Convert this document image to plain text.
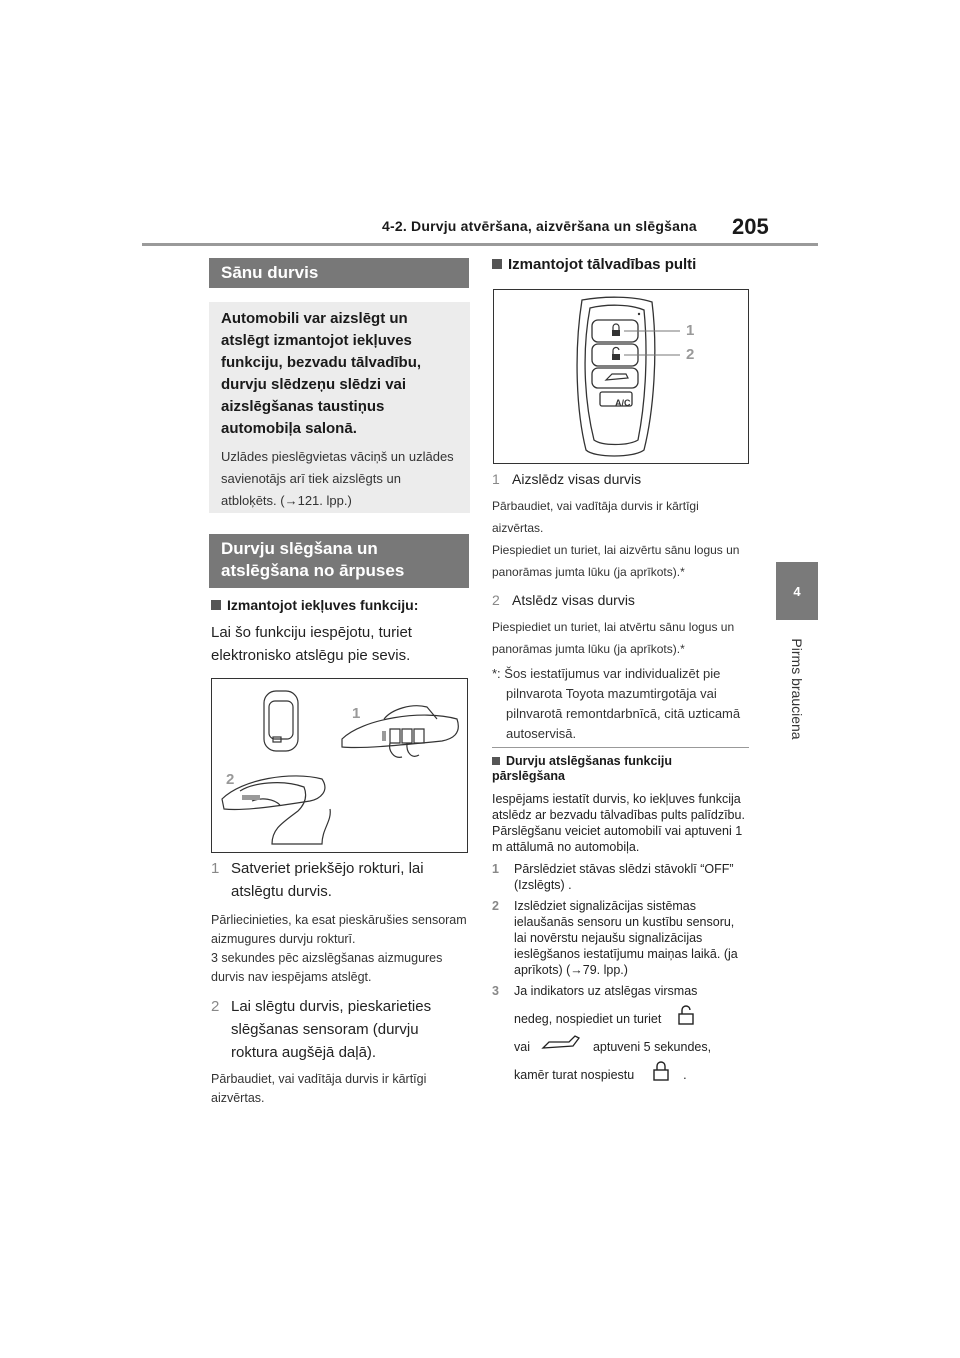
4-2. Durvju atvēršana, aizvēršana un slēgšana 205
4
Pirms brauciena
Sānu durvis

Automobili var aizslēgt un atslēgt izmantojot iekļuves funkciju, bezvadu tālvadību, durvju slēdzeņu slēdzi vai aizslēgšanas taustiņus automobiļa salonā.

Uzlādes pieslēgvietas vāciņš un uzlādes savienotājs arī tiek aizslēgts un atbloķēts. (→121. lpp.)

Durvju slēgšana un atslēgšana no ārpuses
Izmantojot iekļuves funkciju:
Lai šo funkciju iespējotu, turiet elektronisko atslēgu pie sevis.
1
2
1 Satveriet priekšējo rokturi, lai atslēgtu durvis.
Pārliecinieties, ka esat pieskārušies sensoram aizmugures durvju rokturī.
3 sekundes pēc aizslēgšanas aizmugures durvis nav iespējams atslēgt.
2 Lai slēgtu durvis, pieskarieties slēgšanas sensoram (durvju roktura augšējā daļā).
Pārbaudiet, vai vadītāja durvis ir kārtīgi aizvērtas.
Izmantojot tālvadības pulti
A/C
1
2
1 Aizslēdz visas durvis
Pārbaudiet, vai vadītāja durvis ir kārtīgi aizvērtas.
Piespiediet un turiet, lai aizvērtu sānu logus un panorāmas jumta lūku (ja aprīkots).*
2 Atslēdz visas durvis
Piespiediet un turiet, lai atvērtu sānu logus un panorāmas jumta lūku (ja aprīkots).*
*: Šos iestatījumus var individualizēt pie pilnvarota Toyota mazumtirgotāja vai pilnvarotā remontdarbnīcā, citā uzticamā autoservisā.
Durvju atslēgšanas funkciju pārslēgšana
Iespējams iestatīt durvis, ko iekļuves funkcija atslēdz ar bezvadu tālvadības pults palīdzību. Pārslēgšanu veiciet automobilī vai aptuveni 1 m attālumā no automobiļa.
1	Pārslēdziet stāvas slēdzi stāvoklī “OFF” (Izslēgts) .
2	Izslēdziet signalizācijas sistēmas ielaušanās sensoru un kustību sensoru, lai novērstu nejaušu signalizācijas ieslēgšanos iestatījumu maiņas laikā. (ja aprīkots) (→79. lpp.)
3	Ja indikators uz atslēgas virsmas
nedeg, nospiediet un turiet
vai	aptuveni 5 sekundes,
kamēr turat nospiestu	.
